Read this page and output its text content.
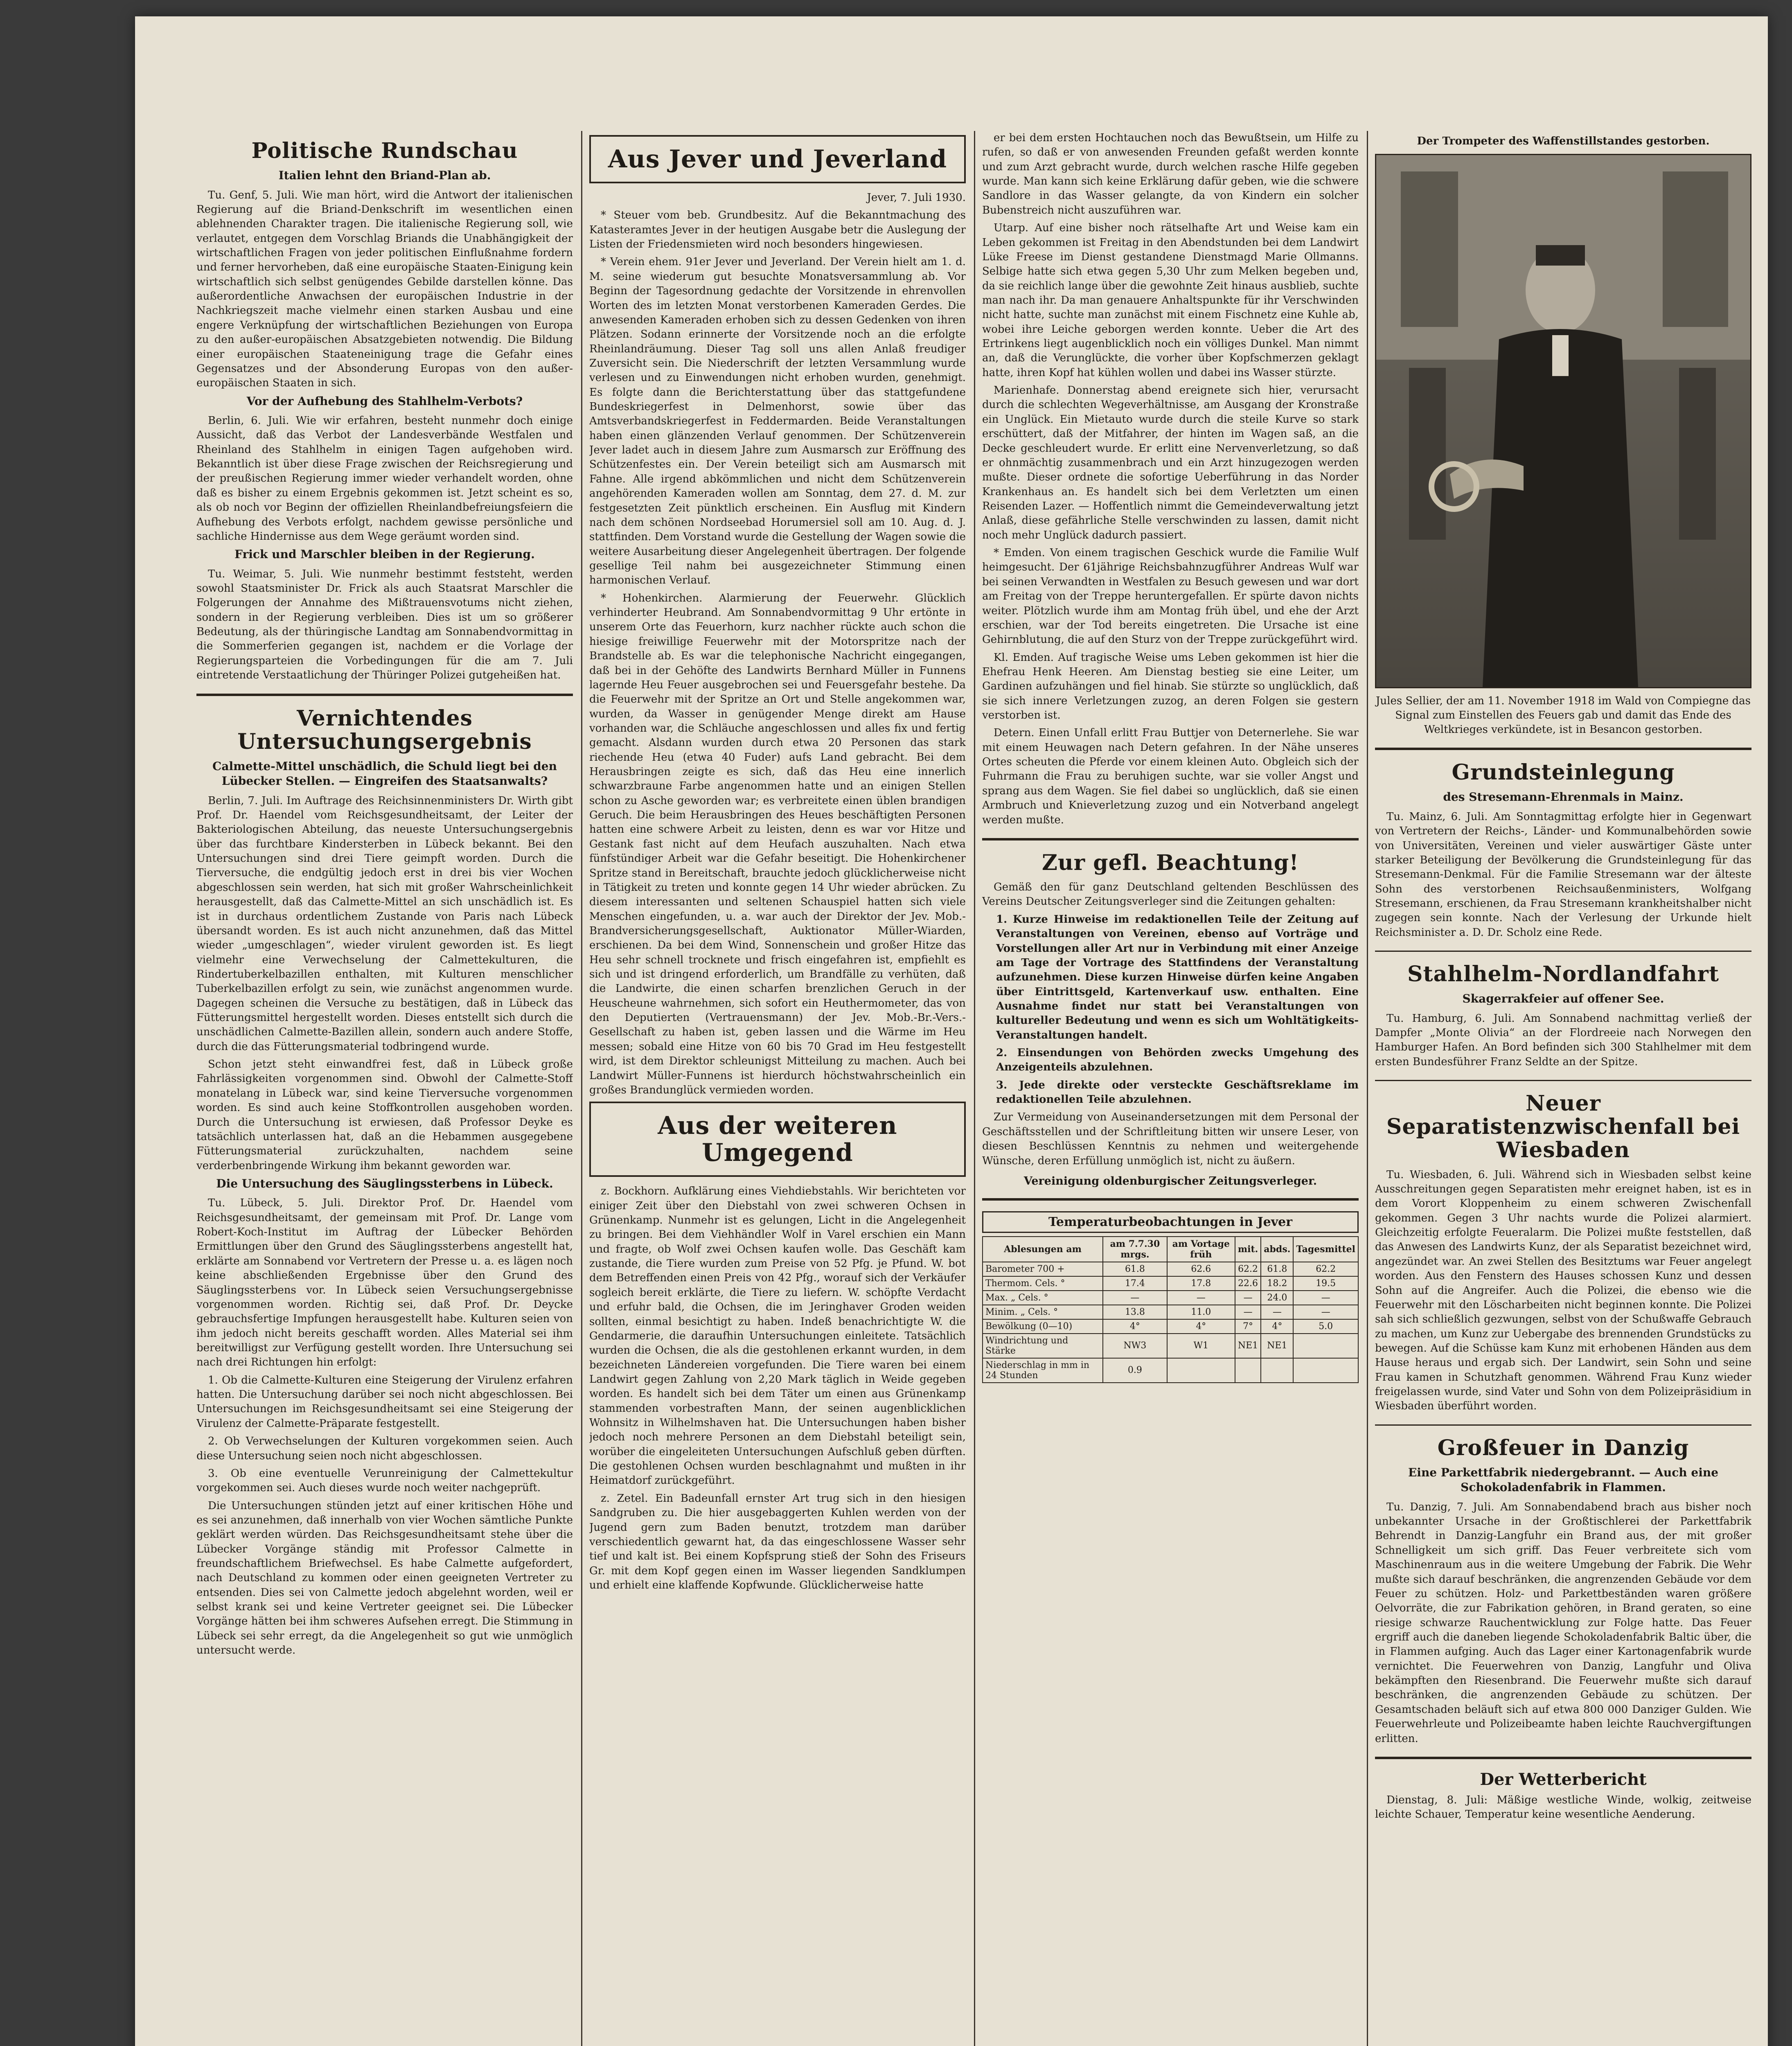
Politische Rundschau
Italien lehnt den Briand-Plan ab.

Tu. Genf, 5. Juli. Wie man hört, wird die Antwort der italienischen Regierung auf die Briand-Denkschrift im wesentlichen einen ablehnenden Charakter tragen. Die italienische Regierung soll, wie verlautet, entgegen dem Vorschlag Briands die Unabhängigkeit der wirtschaftlichen Fragen von jeder politischen Einflußnahme fordern und ferner hervorheben, daß eine europäische Staaten-Einigung kein wirtschaftlich sich selbst genügendes Gebilde darstellen könne. Das außerordentliche Anwachsen der europäischen Industrie in der Nachkriegszeit mache vielmehr einen starken Ausbau und eine engere Verknüpfung der wirtschaftlichen Beziehungen von Europa zu den außer-europäischen Absatzgebieten notwendig. Die Bildung einer europäischen Staateneinigung trage die Gefahr eines Gegensatzes und der Absonderung Europas von den außer-europäischen Staaten in sich.

Vor der Aufhebung des Stahlhelm-Verbots?

Berlin, 6. Juli. Wie wir erfahren, besteht nunmehr doch einige Aussicht, daß das Verbot der Landesverbände Westfalen und Rheinland des Stahlhelm in einigen Tagen aufgehoben wird. Bekanntlich ist über diese Frage zwischen der Reichsregierung und der preußischen Regierung immer wieder verhandelt worden, ohne daß es bisher zu einem Ergebnis gekommen ist. Jetzt scheint es so, als ob noch vor Beginn der offiziellen Rheinlandbefreiungsfeiern die Aufhebung des Verbots erfolgt, nachdem gewisse persönliche und sachliche Hindernisse aus dem Wege geräumt worden sind.

Frick und Marschler bleiben in der Regierung.

Tu. Weimar, 5. Juli. Wie nunmehr bestimmt feststeht, werden sowohl Staatsminister Dr. Frick als auch Staatsrat Marschler die Folgerungen der Annahme des Mißtrauensvotums nicht ziehen, sondern in der Regierung verbleiben. Dies ist um so größerer Bedeutung, als der thüringische Landtag am Sonnabendvormittag in die Sommerferien gegangen ist, nachdem er die Vorlage der Regierungsparteien die Vorbedingungen für die am 7. Juli eintretende Verstaatlichung der Thüringer Polizei gutgeheißen hat.

Vernichtendes Untersuchungsergebnis
Calmette-Mittel unschädlich, die Schuld liegt bei den Lübecker Stellen. — Eingreifen des Staatsanwalts?

Berlin, 7. Juli. Im Auftrage des Reichsinnenministers Dr. Wirth gibt Prof. Dr. Haendel vom Reichsgesundheitsamt, der Leiter der Bakteriologischen Abteilung, das neueste Untersuchungsergebnis über das furchtbare Kindersterben in Lübeck bekannt. Bei den Untersuchungen sind drei Tiere geimpft worden. Durch die Tierversuche, die endgültig jedoch erst in drei bis vier Wochen abgeschlossen sein werden, hat sich mit großer Wahrscheinlichkeit herausgestellt, daß das Calmette-Mittel an sich unschädlich ist. Es ist in durchaus ordentlichem Zustande von Paris nach Lübeck übersandt worden. Es ist auch nicht anzunehmen, daß das Mittel wieder „umgeschlagen“, wieder virulent geworden ist. Es liegt vielmehr eine Verwechselung der Calmettekulturen, die Rindertuberkelbazillen enthalten, mit Kulturen menschlicher Tuberkelbazillen erfolgt zu sein, wie zunächst angenommen wurde. Dagegen scheinen die Versuche zu bestätigen, daß in Lübeck das Fütterungsmittel hergestellt worden. Dieses entstellt sich durch die unschädlichen Calmette-Bazillen allein, sondern auch andere Stoffe, durch die das Fütterungsmaterial todbringend wurde.

Schon jetzt steht einwandfrei fest, daß in Lübeck große Fahrlässigkeiten vorgenommen sind. Obwohl der Calmette-Stoff monatelang in Lübeck war, sind keine Tierversuche vorgenommen worden. Es sind auch keine Stoffkontrollen ausgehoben worden. Durch die Untersuchung ist erwiesen, daß Professor Deyke es tatsächlich unterlassen hat, daß an die Hebammen ausgegebene Fütterungsmaterial zurückzuhalten, nachdem seine verderbenbringende Wirkung ihm bekannt geworden war.

Die Untersuchung des Säuglingssterbens in Lübeck.

Tu. Lübeck, 5. Juli. Direktor Prof. Dr. Haendel vom Reichsgesundheitsamt, der gemeinsam mit Prof. Dr. Lange vom Robert-Koch-Institut im Auftrag der Lübecker Behörden Ermittlungen über den Grund des Säuglingssterbens angestellt hat, erklärte am Sonnabend vor Vertretern der Presse u. a. es lägen noch keine abschließenden Ergebnisse über den Grund des Säuglingssterbens vor. In Lübeck seien Versuchungsergebnisse vorgenommen worden. Richtig sei, daß Prof. Dr. Deycke gebrauchsfertige Impfungen herausgestellt habe. Kulturen seien von ihm jedoch nicht bereits geschafft worden. Alles Material sei ihm bereitwilligst zur Verfügung gestellt worden. Ihre Untersuchung sei nach drei Richtungen hin erfolgt:

1. Ob die Calmette-Kulturen eine Steigerung der Virulenz erfahren hatten. Die Untersuchung darüber sei noch nicht abgeschlossen. Bei Untersuchungen im Reichsgesundheitsamt sei eine Steigerung der Virulenz der Calmette-Präparate festgestellt.

2. Ob Verwechselungen der Kulturen vorgekommen seien. Auch diese Untersuchung seien noch nicht abgeschlossen.

3. Ob eine eventuelle Verunreinigung der Calmettekultur vorgekommen sei. Auch dieses wurde noch weiter nachgeprüft.

Die Untersuchungen stünden jetzt auf einer kritischen Höhe und es sei anzunehmen, daß innerhalb von vier Wochen sämtliche Punkte geklärt werden würden. Das Reichsgesundheitsamt stehe über die Lübecker Vorgänge ständig mit Professor Calmette in freundschaftlichem Briefwechsel. Es habe Calmette aufgefordert, nach Deutschland zu kommen oder einen geeigneten Vertreter zu entsenden. Dies sei von Calmette jedoch abgelehnt worden, weil er selbst krank sei und keine Vertreter geeignet sei. Die Lübecker Vorgänge hätten bei ihm schweres Aufsehen erregt. Die Stimmung in Lübeck sei sehr erregt, da die Angelegenheit so gut wie unmöglich untersucht werde.

Aus Jever und Jeverland

Jever, 7. Juli 1930.

* Steuer vom beb. Grundbesitz. Auf die Bekanntmachung des Katasteramtes Jever in der heutigen Ausgabe betr die Auslegung der Listen der Friedensmieten wird noch besonders hingewiesen.

* Verein ehem. 91er Jever und Jeverland. Der Verein hielt am 1. d. M. seine wiederum gut besuchte Monatsversammlung ab. Vor Beginn der Tagesordnung gedachte der Vorsitzende in ehrenvollen Worten des im letzten Monat verstorbenen Kameraden Gerdes. Die anwesenden Kameraden erhoben sich zu dessen Gedenken von ihren Plätzen. Sodann erinnerte der Vorsitzende noch an die erfolgte Rheinlandräumung. Dieser Tag soll uns allen Anlaß freudiger Zuversicht sein. Die Niederschrift der letzten Versammlung wurde verlesen und zu Einwendungen nicht erhoben wurden, genehmigt. Es folgte dann die Berichterstattung über das stattgefundene Bundeskriegerfest in Delmenhorst, sowie über das Amtsverbandskriegerfest in Feddermarden. Beide Veranstaltungen haben einen glänzenden Verlauf genommen. Der Schützenverein Jever ladet auch in diesem Jahre zum Ausmarsch zur Eröffnung des Schützenfestes ein. Der Verein beteiligt sich am Ausmarsch mit Fahne. Alle irgend abkömmlichen und nicht dem Schützenverein angehörenden Kameraden wollen am Sonntag, dem 27. d. M. zur festgesetzten Zeit pünktlich erscheinen. Ein Ausflug mit Kindern nach dem schönen Nordseebad Horumersiel soll am 10. Aug. d. J. stattfinden. Dem Vorstand wurde die Gestellung der Wagen sowie die weitere Ausarbeitung dieser Angelegenheit übertragen. Der folgende gesellige Teil nahm bei ausgezeichneter Stimmung einen harmonischen Verlauf.

* Hohenkirchen. Alarmierung der Feuerwehr. Glücklich verhinderter Heubrand. Am Sonnabendvormittag 9 Uhr ertönte in unserem Orte das Feuerhorn, kurz nachher rückte auch schon die hiesige freiwillige Feuerwehr mit der Motorspritze nach der Brandstelle ab. Es war die telephonische Nachricht eingegangen, daß bei in der Gehöfte des Landwirts Bernhard Müller in Funnens lagernde Heu Feuer ausgebrochen sei und Feuersgefahr bestehe. Da die Feuerwehr mit der Spritze an Ort und Stelle angekommen war, wurden, da Wasser in genügender Menge direkt am Hause vorhanden war, die Schläuche angeschlossen und alles fix und fertig gemacht. Alsdann wurden durch etwa 20 Personen das stark riechende Heu (etwa 40 Fuder) aufs Land gebracht. Bei dem Herausbringen zeigte es sich, daß das Heu eine innerlich schwarzbraune Farbe angenommen hatte und an einigen Stellen schon zu Asche geworden war; es verbreitete einen üblen brandigen Geruch. Die beim Herausbringen des Heues beschäftigten Personen hatten eine schwere Arbeit zu leisten, denn es war vor Hitze und Gestank fast nicht auf dem Heufach auszuhalten. Nach etwa fünfstündiger Arbeit war die Gefahr beseitigt. Die Hohenkirchener Spritze stand in Bereitschaft, brauchte jedoch glücklicherweise nicht in Tätigkeit zu treten und konnte gegen 14 Uhr wieder abrücken. Zu diesem interessanten und seltenen Schauspiel hatten sich viele Menschen eingefunden, u. a. war auch der Direktor der Jev. Mob.-Brandversicherungsgesellschaft, Auktionator Müller-Wiarden, erschienen. Da bei dem Wind, Sonnenschein und großer Hitze das Heu sehr schnell trocknete und frisch eingefahren ist, empfiehlt es sich und ist dringend erforderlich, um Brandfälle zu verhüten, daß die Landwirte, die einen scharfen brenzlichen Geruch in der Heuscheune wahrnehmen, sich sofort ein Heuthermometer, das von den Deputierten (Vertrauensmann) der Jev. Mob.-Br.-Vers.-Gesellschaft zu haben ist, geben lassen und die Wärme im Heu messen; sobald eine Hitze von 60 bis 70 Grad im Heu festgestellt wird, ist dem Direktor schleunigst Mitteilung zu machen. Auch bei Landwirt Müller-Funnens ist hierdurch höchstwahrscheinlich ein großes Brandunglück vermieden worden.

Aus der weiteren Umgegend

z. Bockhorn. Aufklärung eines Viehdiebstahls. Wir berichteten vor einiger Zeit über den Diebstahl von zwei schweren Ochsen in Grünenkamp. Nunmehr ist es gelungen, Licht in die Angelegenheit zu bringen. Bei dem Viehhändler Wolf in Varel erschien ein Mann und fragte, ob Wolf zwei Ochsen kaufen wolle. Das Geschäft kam zustande, die Tiere wurden zum Preise von 52 Pfg. je Pfund. W. bot dem Betreffenden einen Preis von 42 Pfg., worauf sich der Verkäufer sogleich bereit erklärte, die Tiere zu liefern. W. schöpfte Verdacht und erfuhr bald, die Ochsen, die im Jeringhaver Groden weiden sollten, einmal besichtigt zu haben. Indeß benachrichtigte W. die Gendarmerie, die daraufhin Untersuchungen einleitete. Tatsächlich wurden die Ochsen, die als die gestohlenen erkannt wurden, in dem bezeichneten Ländereien vorgefunden. Die Tiere waren bei einem Landwirt gegen Zahlung von 2,20 Mark täglich in Weide gegeben worden. Es handelt sich bei dem Täter um einen aus Grünenkamp stammenden vorbestraften Mann, der seinen augenblicklichen Wohnsitz in Wilhelmshaven hat. Die Untersuchungen haben bisher jedoch noch mehrere Personen an dem Diebstahl beteiligt sein, worüber die eingeleiteten Untersuchungen Aufschluß geben dürften. Die gestohlenen Ochsen wurden beschlagnahmt und mußten in ihr Heimatdorf zurückgeführt.

z. Zetel. Ein Badeunfall ernster Art trug sich in den hiesigen Sandgruben zu. Die hier ausgebaggerten Kuhlen werden von der Jugend gern zum Baden benutzt, trotzdem man darüber verschiedentlich gewarnt hat, da das eingeschlossene Wasser sehr tief und kalt ist. Bei einem Kopfsprung stieß der Sohn des Friseurs Gr. mit dem Kopf gegen einen im Wasser liegenden Sandklumpen und erhielt eine klaffende Kopfwunde. Glücklicherweise hatte

er bei dem ersten Hochtauchen noch das Bewußtsein, um Hilfe zu rufen, so daß er von anwesenden Freunden gefaßt werden konnte und zum Arzt gebracht wurde, durch welchen rasche Hilfe gegeben wurde. Man kann sich keine Erklärung dafür geben, wie die schwere Sandlore in das Wasser gelangte, da von Kindern ein solcher Bubenstreich nicht auszuführen war.

Utarp. Auf eine bisher noch rätselhafte Art und Weise kam ein Leben gekommen ist Freitag in den Abendstunden bei dem Landwirt Lüke Freese im Dienst gestandene Dienstmagd Marie Ollmanns. Selbige hatte sich etwa gegen 5,30 Uhr zum Melken begeben und, da sie reichlich lange über die gewohnte Zeit hinaus ausblieb, suchte man nach ihr. Da man genauere Anhaltspunkte für ihr Verschwinden nicht hatte, suchte man zunächst mit einem Fischnetz eine Kuhle ab, wobei ihre Leiche geborgen werden konnte. Ueber die Art des Ertrinkens liegt augenblicklich noch ein völliges Dunkel. Man nimmt an, daß die Verunglückte, die vorher über Kopfschmerzen geklagt hatte, ihren Kopf hat kühlen wollen und dabei ins Wasser stürzte.

Marienhafe. Donnerstag abend ereignete sich hier, verursacht durch die schlechten Wegeverhältnisse, am Ausgang der Kronstraße ein Unglück. Ein Mietauto wurde durch die steile Kurve so stark erschüttert, daß der Mitfahrer, der hinten im Wagen saß, an die Decke geschleudert wurde. Er erlitt eine Nervenverletzung, so daß er ohnmächtig zusammenbrach und ein Arzt hinzugezogen werden mußte. Dieser ordnete die sofortige Ueberführung in das Norder Krankenhaus an. Es handelt sich bei dem Verletzten um einen Reisenden Lazer. — Hoffentlich nimmt die Gemeindeverwaltung jetzt Anlaß, diese gefährliche Stelle verschwinden zu lassen, damit nicht noch mehr Unglück dadurch passiert.

* Emden. Von einem tragischen Geschick wurde die Familie Wulf heimgesucht. Der 61jährige Reichsbahnzugführer Andreas Wulf war bei seinen Verwandten in Westfalen zu Besuch gewesen und war dort am Freitag von der Treppe heruntergefallen. Er spürte davon nichts weiter. Plötzlich wurde ihm am Montag früh übel, und ehe der Arzt erschien, war der Tod bereits eingetreten. Die Ursache ist eine Gehirnblutung, die auf den Sturz von der Treppe zurückgeführt wird.

Kl. Emden. Auf tragische Weise ums Leben gekommen ist hier die Ehefrau Henk Heeren. Am Dienstag bestieg sie eine Leiter, um Gardinen aufzuhängen und fiel hinab. Sie stürzte so unglücklich, daß sie sich innere Verletzungen zuzog, an deren Folgen sie gestern verstorben ist.

Detern. Einen Unfall erlitt Frau Buttjer von Deternerlehe. Sie war mit einem Heuwagen nach Detern gefahren. In der Nähe unseres Ortes scheuten die Pferde vor einem kleinen Auto. Obgleich sich der Fuhrmann die Frau zu beruhigen suchte, war sie voller Angst und sprang aus dem Wagen. Sie fiel dabei so unglücklich, daß sie einen Armbruch und Knieverletzung zuzog und ein Notverband angelegt werden mußte.

Zur gefl. Beachtung!

Gemäß den für ganz Deutschland geltenden Beschlüssen des Vereins Deutscher Zeitungsverleger sind die Zeitungen gehalten:

1. Kurze Hinweise im redaktionellen Teile der Zeitung auf Veranstaltungen von Vereinen, ebenso auf Vorträge und Vorstellungen aller Art nur in Verbindung mit einer Anzeige am Tage der Vortrage des Stattfindens der Veranstaltung aufzunehmen. Diese kurzen Hinweise dürfen keine Angaben über Eintrittsgeld, Kartenverkauf usw. enthalten. Eine Ausnahme findet nur statt bei Veranstaltungen von kultureller Bedeutung und wenn es sich um Wohltätigkeits-Veranstaltungen handelt.

2. Einsendungen von Behörden zwecks Umgehung des Anzeigenteils abzulehnen.

3. Jede direkte oder versteckte Geschäftsreklame im redaktionellen Teile abzulehnen.

Zur Vermeidung von Auseinandersetzungen mit dem Personal der Geschäftsstellen und der Schriftleitung bitten wir unsere Leser, von diesen Beschlüssen Kenntnis zu nehmen und weitergehende Wünsche, deren Erfüllung unmöglich ist, nicht zu äußern.

Vereinigung oldenburgischer Zeitungsverleger.
Temperaturbeobachtungen in Jever
Ablesungen am	am 7.7.30 mrgs.	am Vortage früh	mit.	abds.	Tagesmittel
Barometer 700 +	61.8	62.6	62.2	61.8	62.2
Thermom. Cels. °	17.4	17.8	22.6	18.2	19.5
Max. „ Cels. °	—	—	—	24.0	—
Minim. „ Cels. °	13.8	11.0	—	—	—
Bewölkung (0—10)	4°	4°	7°	4°	5.0
Windrichtung und Stärke	NW3	W1	NE1	NE1	
Niederschlag in mm in 24 Stunden	0.9				
Der Trompeter des Waffenstillstandes gestorben.
Jules Sellier, der am 11. November 1918 im Wald von Compiegne das Signal zum Einstellen des Feuers gab und damit das Ende des Weltkrieges verkündete, ist in Besancon gestorben.
Grundsteinlegung
des Stresemann-Ehrenmals in Mainz.

Tu. Mainz, 6. Juli. Am Sonntagmittag erfolgte hier in Gegenwart von Vertretern der Reichs-, Länder- und Kommunalbehörden sowie von Universitäten, Vereinen und vieler auswärtiger Gäste unter starker Beteiligung der Bevölkerung die Grundsteinlegung für das Stresemann-Denkmal. Für die Familie Stresemann war der älteste Sohn des verstorbenen Reichsaußenministers, Wolfgang Stresemann, erschienen, da Frau Stresemann krankheitshalber nicht zugegen sein konnte. Nach der Verlesung der Urkunde hielt Reichsminister a. D. Dr. Scholz eine Rede.

Stahlhelm-Nordlandfahrt
Skagerrakfeier auf offener See.

Tu. Hamburg, 6. Juli. Am Sonnabend nachmittag verließ der Dampfer „Monte Olivia“ an der Flordreeie nach Norwegen den Hamburger Hafen. An Bord befinden sich 300 Stahlhelmer mit dem ersten Bundesführer Franz Seldte an der Spitze.

Neuer Separatistenzwischenfall bei Wiesbaden

Tu. Wiesbaden, 6. Juli. Während sich in Wiesbaden selbst keine Ausschreitungen gegen Separatisten mehr ereignet haben, ist es in dem Vorort Kloppenheim zu einem schweren Zwischenfall gekommen. Gegen 3 Uhr nachts wurde die Polizei alarmiert. Gleichzeitig erfolgte Feueralarm. Die Polizei mußte feststellen, daß das Anwesen des Landwirts Kunz, der als Separatist bezeichnet wird, angezündet war. An zwei Stellen des Besitztums war Feuer angelegt worden. Aus den Fenstern des Hauses schossen Kunz und dessen Sohn auf die Angreifer. Auch die Polizei, die ebenso wie die Feuerwehr mit den Löscharbeiten nicht beginnen konnte. Die Polizei sah sich schließlich gezwungen, selbst von der Schußwaffe Gebrauch zu machen, um Kunz zur Uebergabe des brennenden Grundstücks zu bewegen. Auf die Schüsse kam Kunz mit erhobenen Händen aus dem Hause heraus und ergab sich. Der Landwirt, sein Sohn und seine Frau kamen in Schutzhaft genommen. Während Frau Kunz wieder freigelassen wurde, sind Vater und Sohn von dem Polizeipräsidium in Wiesbaden überführt worden.

Großfeuer in Danzig
Eine Parkettfabrik niedergebrannt. — Auch eine Schokoladenfabrik in Flammen.

Tu. Danzig, 7. Juli. Am Sonnabendabend brach aus bisher noch unbekannter Ursache in der Großtischlerei der Parkettfabrik Behrendt in Danzig-Langfuhr ein Brand aus, der mit großer Schnelligkeit um sich griff. Das Feuer verbreitete sich vom Maschinenraum aus in die weitere Umgebung der Fabrik. Die Wehr mußte sich darauf beschränken, die angrenzenden Gebäude vor dem Feuer zu schützen. Holz- und Parkettbeständen waren größere Oelvorräte, die zur Fabrikation gehören, in Brand geraten, so eine riesige schwarze Rauchentwicklung zur Folge hatte. Das Feuer ergriff auch die daneben liegende Schokoladenfabrik Baltic über, die in Flammen aufging. Auch das Lager einer Kartonagenfabrik wurde vernichtet. Die Feuerwehren von Danzig, Langfuhr und Oliva bekämpften den Riesenbrand. Die Feuerwehr mußte sich darauf beschränken, die angrenzenden Gebäude zu schützen. Der Gesamtschaden beläuft sich auf etwa 800 000 Danziger Gulden. Wie Feuerwehrleute und Polizeibeamte haben leichte Rauchvergiftungen erlitten.

Der Wetterbericht

Dienstag, 8. Juli: Mäßige westliche Winde, wolkig, zeitweise leichte Schauer, Temperatur keine wesentliche Aenderung.
